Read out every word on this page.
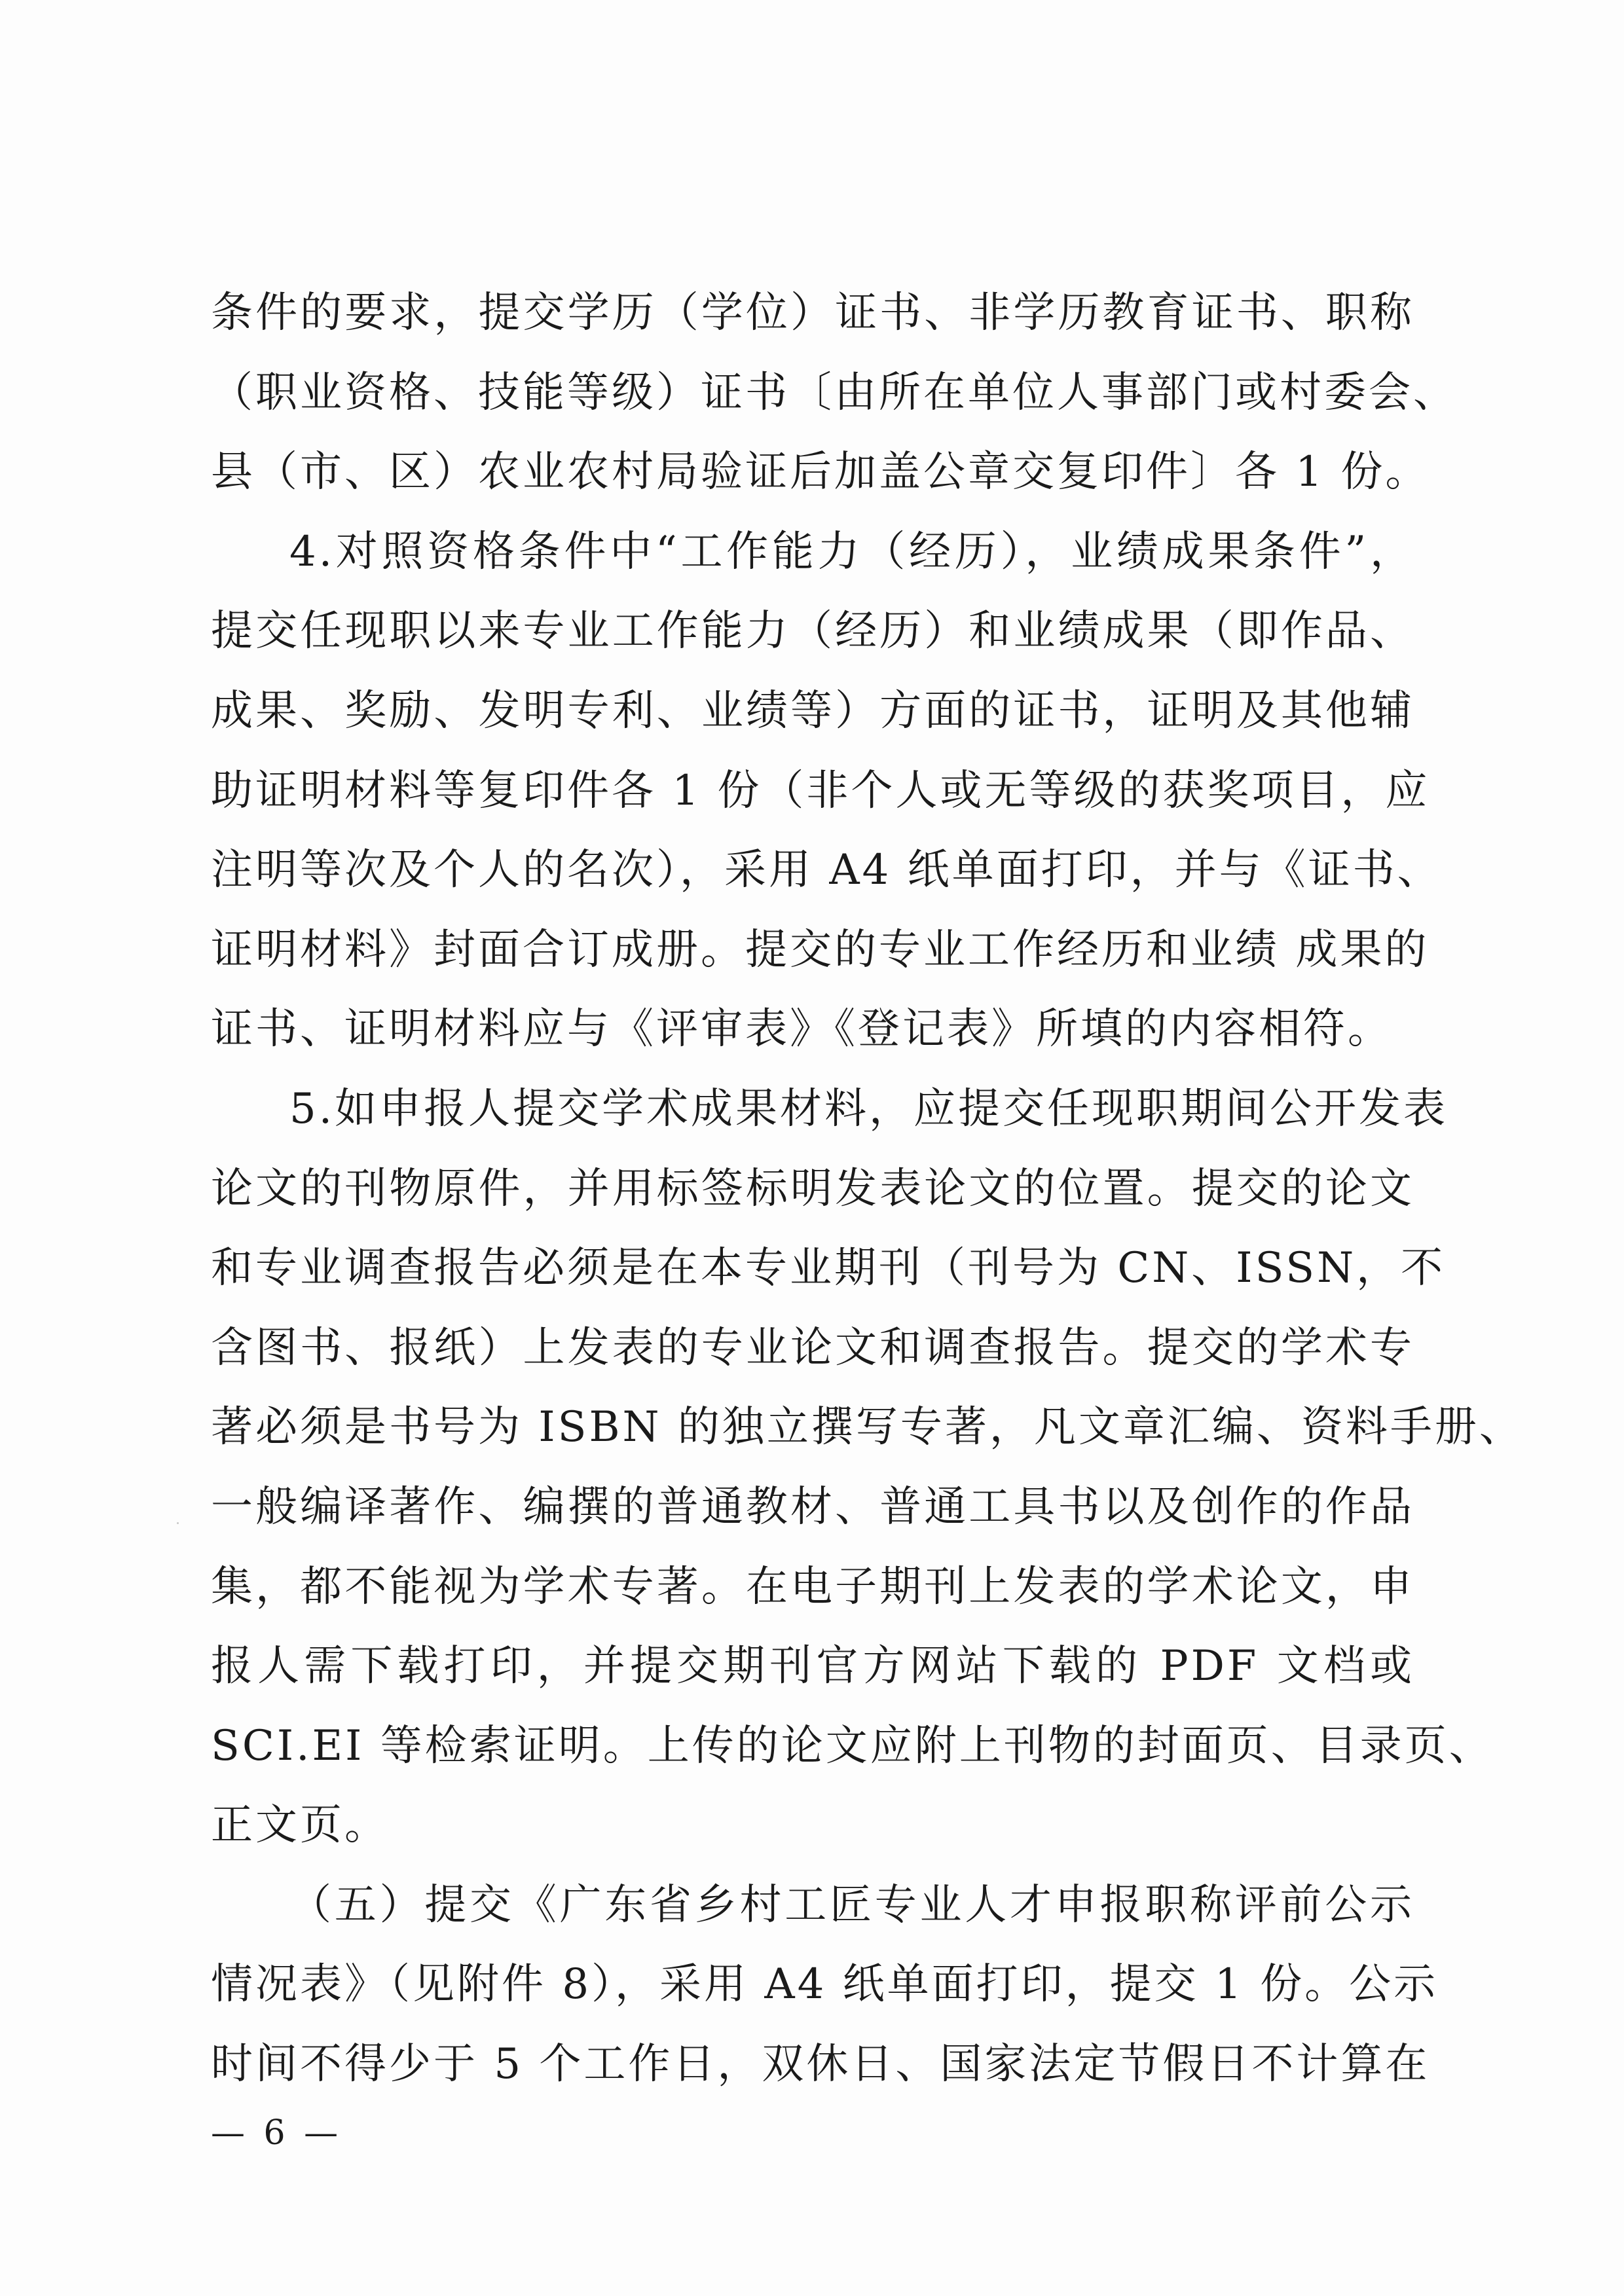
条件的要求，提交学历（学位）证书、非学历教育证书、职称
（职业资格、技能等级）证书〔由所在单位人事部门或村委会、
县（市、区）农业农村局验证后加盖公章交复印件〕各 1 份。
4.对照资格条件中“工作能力（经历），业绩成果条件”，
提交任现职以来专业工作能力（经历）和业绩成果（即作品、
成果、奖励、发明专利、业绩等）方面的证书，证明及其他辅
助证明材料等复印件各 1 份（非个人或无等级的获奖项目，应
注明等次及个人的名次），采用 A4 纸单面打印，并与《证书、
证明材料》封面合订成册。提交的专业工作经历和业绩 成果的
证书、证明材料应与《评审表》《登记表》所填的内容相符。
5.如申报人提交学术成果材料，应提交任现职期间公开发表
论文的刊物原件，并用标签标明发表论文的位置。提交的论文
和专业调查报告必须是在本专业期刊（刊号为 CN、ISSN，不
含图书、报纸）上发表的专业论文和调查报告。提交的学术专
著必须是书号为 ISBN 的独立撰写专著，凡文章汇编、资料手册、
一般编译著作、编撰的普通教材、普通工具书以及创作的作品
集，都不能视为学术专著。在电子期刊上发表的学术论文，申
报人需下载打印，并提交期刊官方网站下载的 PDF 文档或
SCI.EI 等检索证明。上传的论文应附上刊物的封面页、目录页、
正文页。
（五）提交《广东省乡村工匠专业人才申报职称评前公示
情况表》（见附件 8），采用 A4 纸单面打印，提交 1 份。公示
时间不得少于 5 个工作日，双休日、国家法定节假日不计算在
— 6 —
